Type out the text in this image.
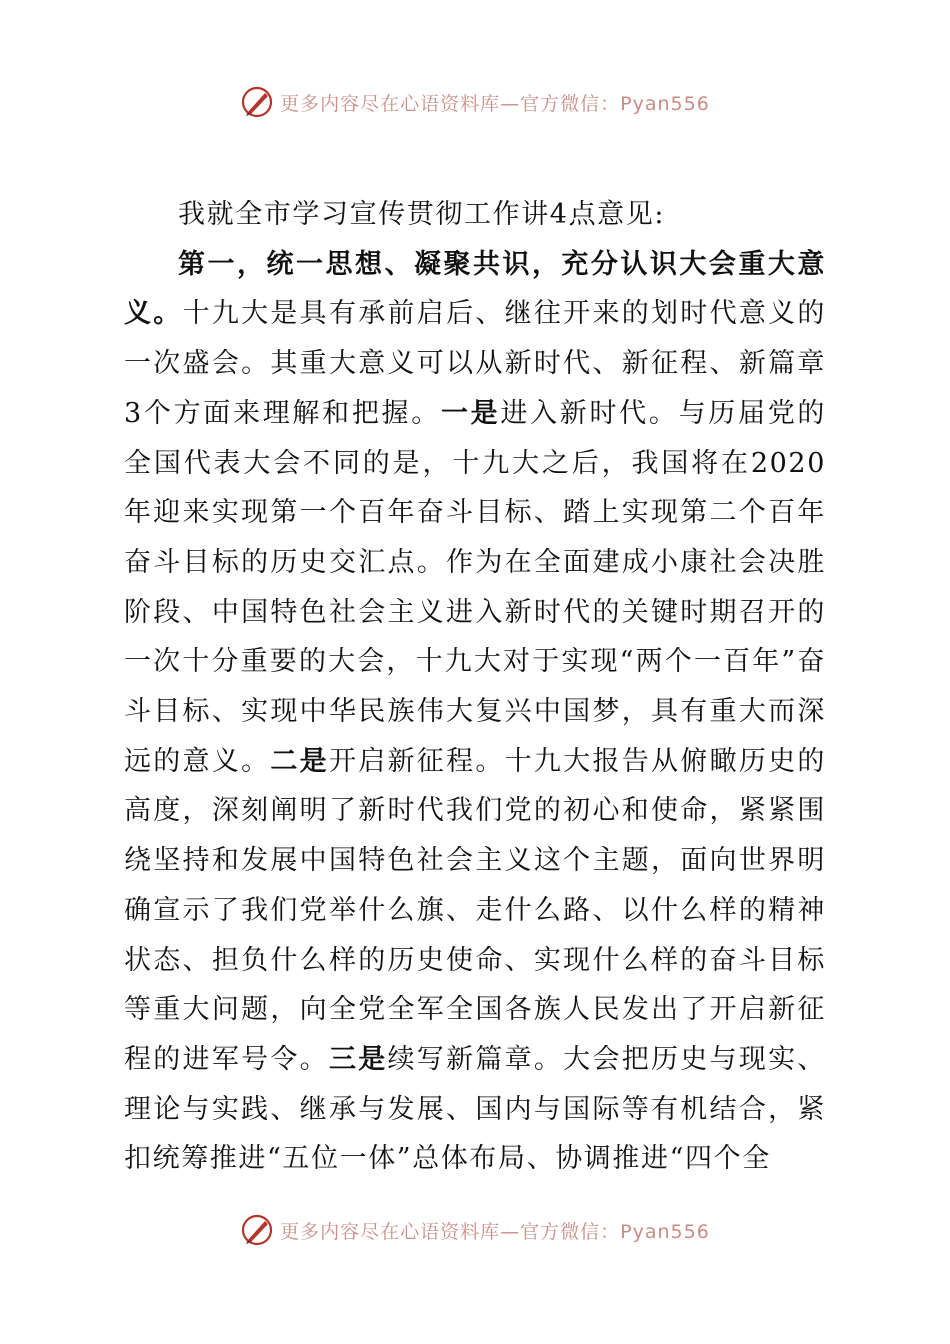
更多内容尽在心语资料库—官方微信：Pyan556

我就全市学习宣传贯彻工作讲4点意见:

第一，统一思想、凝聚共识，充分认识大会重大意义。十九大是具有承前启后、继往开来的划时代意义的一次盛会。其重大意义可以从新时代、新征程、新篇章3个方面来理解和把握。一是进入新时代。与历届党的全国代表大会不同的是，十九大之后，我国将在2020年迎来实现第一个百年奋斗目标、踏上实现第二个百年奋斗目标的历史交汇点。作为在全面建成小康社会决胜阶段、中国特色社会主义进入新时代的关键时期召开的一次十分重要的大会，十九大对于实现“两个一百年”奋斗目标、实现中华民族伟大复兴中国梦，具有重大而深远的意义。二是开启新征程。十九大报告从俯瞰历史的高度，深刻阐明了新时代我们党的初心和使命，紧紧围绕坚持和发展中国特色社会主义这个主题，面向世界明确宣示了我们党举什么旗、走什么路、以什么样的精神状态、担负什么样的历史使命、实现什么样的奋斗目标等重大问题，向全党全军全国各族人民发出了开启新征程的进军号令。三是续写新篇章。大会把历史与现实、理论与实践、继承与发展、国内与国际等有机结合，紧扣统筹推进“五位一体”总体布局、协调推进“四个全

更多内容尽在心语资料库—官方微信：Pyan556
